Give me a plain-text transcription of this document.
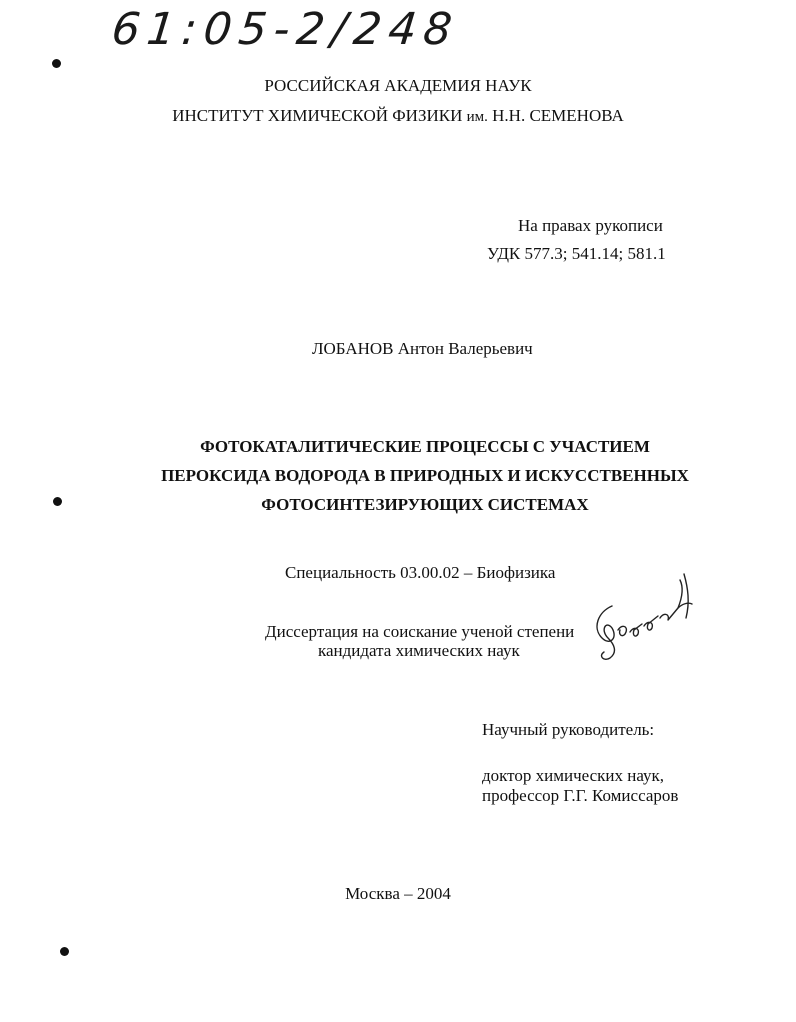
61:05-2/248
РОССИЙСКАЯ АКАДЕМИЯ НАУК
ИНСТИТУТ ХИМИЧЕСКОЙ ФИЗИКИ им. Н.Н. СЕМЕНОВА
На правах рукописи
УДК 577.3; 541.14; 581.1
ЛОБАНОВ Антон Валерьевич
ФОТОКАТАЛИТИЧЕСКИЕ ПРОЦЕССЫ С УЧАСТИЕМ
ПЕРОКСИДА ВОДОРОДА В ПРИРОДНЫХ И ИСКУССТВЕННЫХ
ФОТОСИНТЕЗИРУЮЩИХ СИСТЕМАХ
Специальность 03.00.02 – Биофизика
Диссертация на соискание ученой степени
кандидата химических наук
Научный руководитель:
доктор химических наук,
профессор Г.Г. Комиссаров
Москва – 2004
